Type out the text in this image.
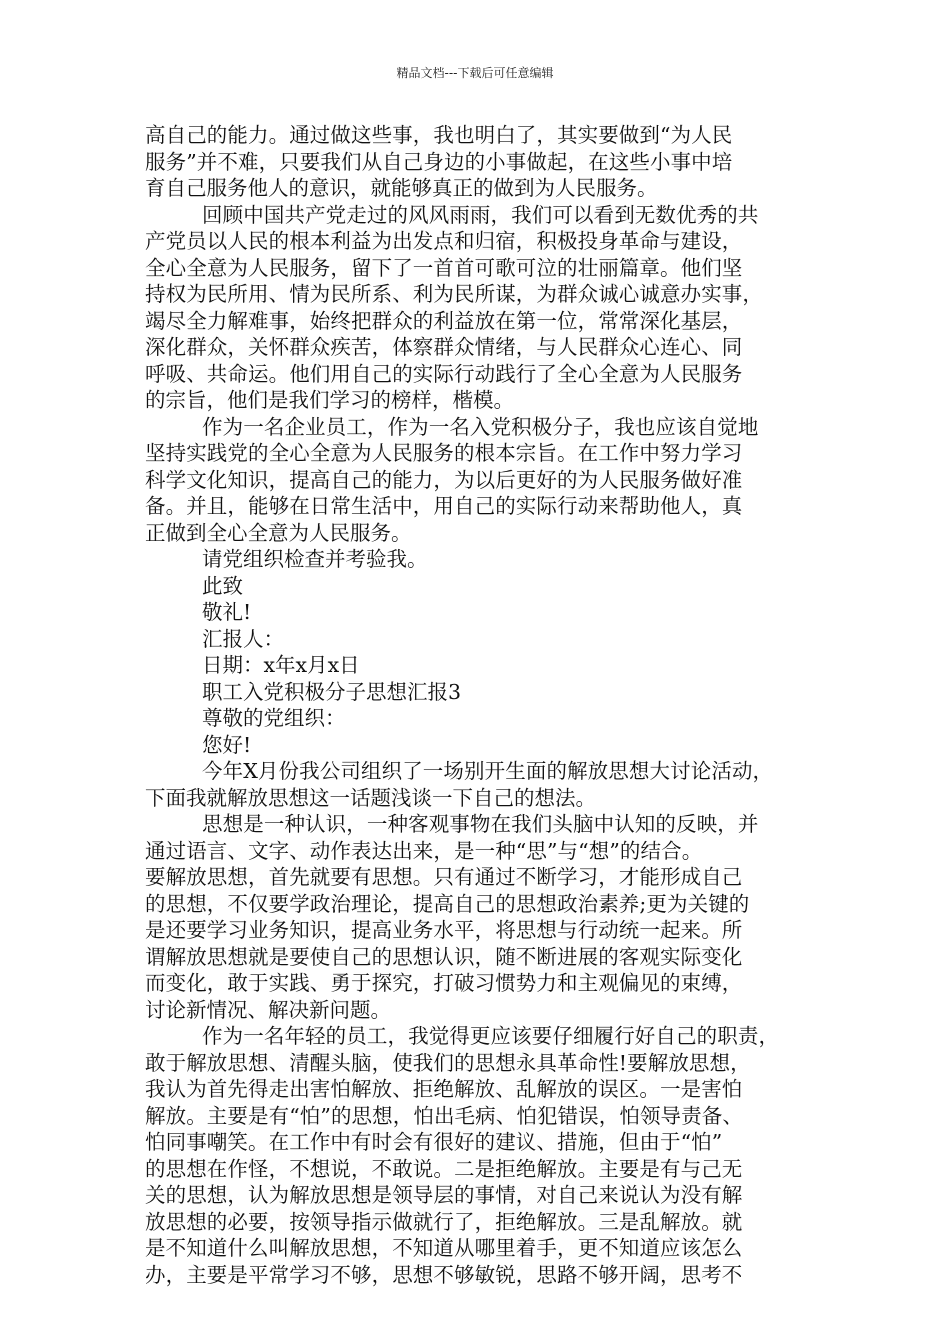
精品文档---下载后可任意编辑
高自己的能力。通过做这些事，我也明白了，其实要做到“为人民
服务”并不难，只要我们从自己身边的小事做起，在这些小事中培
育自己服务他人的意识，就能够真正的做到为人民服务。
回顾中国共产党走过的风风雨雨，我们可以看到无数优秀的共
产党员以人民的根本利益为出发点和归宿，积极投身革命与建设，
全心全意为人民服务，留下了一首首可歌可泣的壮丽篇章。他们坚
持权为民所用、情为民所系、利为民所谋，为群众诚心诚意办实事，
竭尽全力解难事，始终把群众的利益放在第一位，常常深化基层，
深化群众，关怀群众疾苦，体察群众情绪，与人民群众心连心、同
呼吸、共命运。他们用自己的实际行动践行了全心全意为人民服务
的宗旨，他们是我们学习的榜样，楷模。
作为一名企业员工，作为一名入党积极分子，我也应该自觉地
坚持实践党的全心全意为人民服务的根本宗旨。在工作中努力学习
科学文化知识，提高自己的能力，为以后更好的为人民服务做好准
备。并且，能够在日常生活中，用自己的实际行动来帮助他人，真
正做到全心全意为人民服务。
请党组织检查并考验我。
此致
敬礼!
汇报人：
日期：x年x月x日
职工入党积极分子思想汇报3
尊敬的党组织：
您好!
今年X月份我公司组织了一场别开生面的解放思想大讨论活动，
下面我就解放思想这一话题浅谈一下自己的想法。
思想是一种认识，一种客观事物在我们头脑中认知的反映，并
通过语言、文字、动作表达出来，是一种“思”与“想”的结合。
要解放思想，首先就要有思想。只有通过不断学习，才能形成自己
的思想，不仅要学政治理论，提高自己的思想政治素养;更为关键的
是还要学习业务知识，提高业务水平，将思想与行动统一起来。所
谓解放思想就是要使自己的思想认识，随不断进展的客观实际变化
而变化，敢于实践、勇于探究，打破习惯势力和主观偏见的束缚，
讨论新情况、解决新问题。
作为一名年轻的员工，我觉得更应该要仔细履行好自己的职责，
敢于解放思想、清醒头脑，使我们的思想永具革命性!要解放思想，
我认为首先得走出害怕解放、拒绝解放、乱解放的误区。一是害怕
解放。主要是有“怕”的思想，怕出毛病、怕犯错误，怕领导责备、
怕同事嘲笑。在工作中有时会有很好的建议、措施，但由于“怕”
的思想在作怪，不想说，不敢说。二是拒绝解放。主要是有与己无
关的思想，认为解放思想是领导层的事情，对自己来说认为没有解
放思想的必要，按领导指示做就行了，拒绝解放。三是乱解放。就
是不知道什么叫解放思想，不知道从哪里着手，更不知道应该怎么
办，主要是平常学习不够，思想不够敏锐，思路不够开阔，思考不
